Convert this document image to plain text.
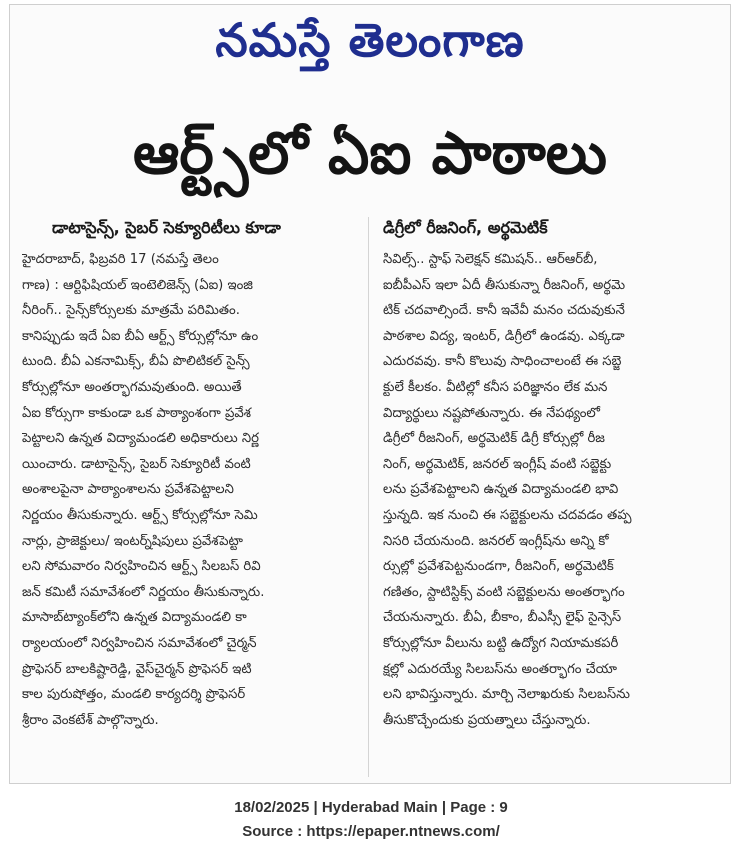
నమస్తే తెలంగాణ
ఆర్ట్స్‌లో ఏఐ పాఠాలు
డాటాసైన్స్, సైబర్ సెక్యూరిటీలు కూడా
హైదరాబాద్, ఫిబ్రవరి 17 (నమస్తే తెలం
గాణ) : ఆర్టిఫిషియల్ ఇంటెలిజెన్స్ (ఏఐ) ఇంజి
నీరింగ్.. సైన్స్‌కోర్సులకు మాత్రమే పరిమితం.
కానిప్పుడు ఇదే ఏఐ బీఏ ఆర్ట్స్ కోర్సుల్లోనూ ఉం
టుంది. బీఏ ఎకనామిక్స్, బీఏ పొలిటికల్ సైన్స్
కోర్సుల్లోనూ అంతర్భాగమవుతుంది. అయితే
ఏఐ కోర్సుగా కాకుండా ఒక పాఠ్యాంశంగా ప్రవేశ
పెట్టాలని ఉన్నత విద్యామండలి అధికారులు నిర్ణ
యించారు. డాటాసైన్స్, సైబర్ సెక్యూరిటీ వంటి
అంశాలపైనా పాఠ్యాంశాలను ప్రవేశపెట్టాలని
నిర్ణయం తీసుకున్నారు. ఆర్ట్స్ కోర్సుల్లోనూ సెమి
నార్లు, ప్రాజెక్టులు/ ఇంటర్న్‌షిపులు ప్రవేశపెట్టా
లని సోమవారం నిర్వహించిన ఆర్ట్స్ సిలబస్ రివి
జన్ కమిటీ సమావేశంలో నిర్ణయం తీసుకున్నారు.
మాసాబ్‌ట్యాంక్‌లోని ఉన్నత విద్యామండలి కా
ర్యాలయంలో నిర్వహించిన సమావేశంలో చైర్మన్
ప్రొఫెసర్ బాలకిష్టారెడ్డి, వైస్‌చైర్మన్ ప్రొఫెసర్ ఇటి
కాల పురుషోత్తం, మండలి కార్యదర్శి ప్రొఫెసర్
శ్రీరాం వెంకటేశ్ పాల్గొన్నారు.
డిగ్రీలో రీజనింగ్, అర్థమెటిక్
సివిల్స్.. స్టాఫ్ సెలెక్షన్ కమిషన్.. ఆర్‌ఆర్‌బీ,
ఐబీపీఎస్ ఇలా ఏదీ తీసుకున్నా రీజనింగ్, అర్థమె
టిక్ చదవాల్సిందే. కానీ ఇవేవీ మనం చదువుకునే
పాఠశాల విద్య, ఇంటర్, డిగ్రీలో ఉండవు. ఎక్కడా
ఎదురవవు. కానీ కొలువు సాధించాలంటే ఈ సబ్జె
క్టులే కీలకం. వీటిల్లో కనీస పరిజ్ఞానం లేక మన
విద్యార్థులు నష్టపోతున్నారు. ఈ నేపథ్యంలో
డిగ్రీలో రీజనింగ్, అర్థమెటిక్ డిగ్రీ కోర్సుల్లో రీజ
నింగ్, అర్థమెటిక్, జనరల్ ఇంగ్లీష్ వంటి సబ్జెక్టు
లను ప్రవేశపెట్టాలని ఉన్నత విద్యామండలి భావి
స్తున్నది. ఇక నుంచి ఈ సబ్జెక్టులను చదవడం తప్ప
నిసరి చేయనుంది. జనరల్ ఇంగ్లీష్‌ను అన్ని కో
ర్సుల్లో ప్రవేశపెట్టనుండగా, రీజనింగ్, అర్థమెటిక్
గణితం, స్టాటిస్టిక్స్ వంటి సబ్జెక్టులను అంతర్భాగం
చేయనున్నారు. బీఏ, బీకాం, బీఎస్సీ లైఫ్ సైన్సెస్
కోర్సుల్లోనూ వీలును బట్టి ఉద్యోగ నియామకపరీ
క్షల్లో ఎదురయ్యే సిలబస్‌ను అంతర్భాగం చేయా
లని భావిస్తున్నారు. మార్చి నెలాఖరుకు సిలబస్‌ను
తీసుకొచ్చేందుకు ప్రయత్నాలు చేస్తున్నారు.
18/02/2025 | Hyderabad Main | Page : 9
Source : https://epaper.ntnews.com/
